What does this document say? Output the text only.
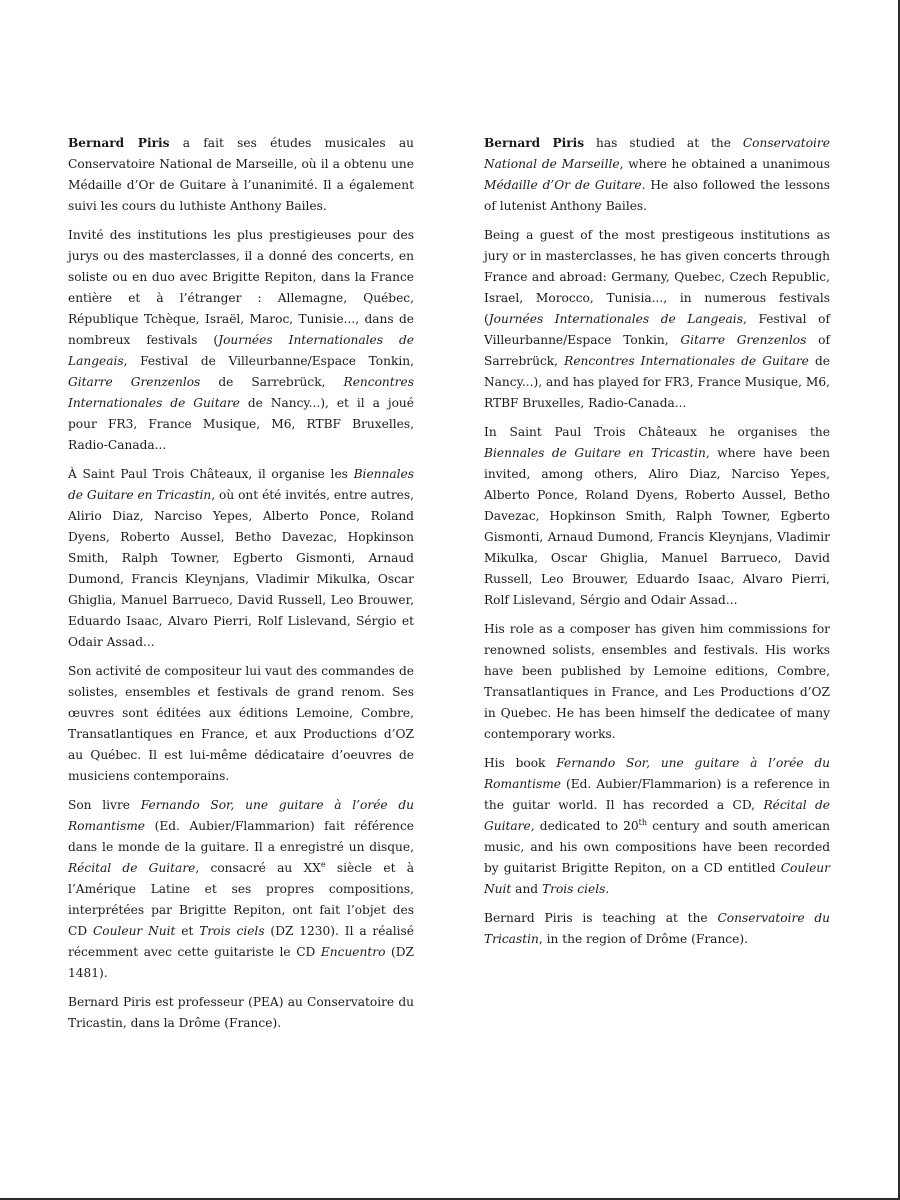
Bernard Piris a fait ses études musicales au Conservatoire National de Marseille, où il a obtenu une Médaille d’Or de Guitare à l’unanimité. Il a également suivi les cours du luthiste Anthony Bailes.

Invité des institutions les plus prestigieuses pour des jurys ou des masterclasses, il a donné des concerts, en soliste ou en duo avec Brigitte Repiton, dans la France entière et à l’étranger : Allemagne, Québec, République Tchèque, Israël, Maroc, Tunisie..., dans de nombreux festivals (Journées Internationales de Langeais, Festival de Villeurbanne/Espace Tonkin, Gitarre Grenzenlos de Sarrebrück, Rencontres Internationales de Guitare de Nancy...), et il a joué pour FR3, France Musique, M6, RTBF Bruxelles, Radio-Canada...

À Saint Paul Trois Châteaux, il organise les Biennales de Guitare en Tricastin, où ont été invités, entre autres, Alirio Diaz, Narciso Yepes, Alberto Ponce, Roland Dyens, Roberto Aussel, Betho Davezac, Hopkinson Smith, Ralph Towner, Egberto Gismonti, Arnaud Dumond, Francis Kleynjans, Vladimir Mikulka, Oscar Ghiglia, Manuel Barrueco, David Russell, Leo Brouwer, Eduardo Isaac, Alvaro Pierri, Rolf Lislevand, Sérgio et Odair Assad...

Son activité de compositeur lui vaut des commandes de solistes, ensembles et festivals de grand renom. Ses œuvres sont éditées aux éditions Lemoine, Combre, Transatlantiques en France, et aux Productions d’OZ au Québec. Il est lui-même dédicataire d’oeuvres de musiciens contemporains.

Son livre Fernando Sor, une guitare à l’orée du Romantisme (Ed. Aubier/Flammarion) fait référence dans le monde de la guitare. Il a enregistré un disque, Récital de Guitare, consacré au XXe siècle et à l’Amérique Latine et ses propres compositions, interprétées par Brigitte Repiton, ont fait l’objet des CD Couleur Nuit et Trois ciels (DZ 1230). Il a réalisé récemment avec cette guitariste le CD Encuentro (DZ 1481).

Bernard Piris est professeur (PEA) au Conservatoire du Tricastin, dans la Drôme (France).

Bernard Piris has studied at the Conservatoire National de Marseille, where he obtained a unanimous Médaille d’Or de Guitare. He also followed the lessons of lutenist Anthony Bailes.

Being a guest of the most prestigeous institutions as jury or in masterclasses, he has given concerts through France and abroad: Germany, Quebec, Czech Republic, Israel, Morocco, Tunisia..., in numerous festivals (Journées Internationales de Langeais, Festival of Villeurbanne/Espace Tonkin, Gitarre Grenzenlos of Sarrebrück, Rencontres Internationales de Guitare de Nancy...), and has played for FR3, France Musique, M6, RTBF Bruxelles, Radio-Canada...

In Saint Paul Trois Châteaux he organises the Biennales de Guitare en Tricastin, where have been invited, among others, Aliro Diaz, Narciso Yepes, Alberto Ponce, Roland Dyens, Roberto Aussel, Betho Davezac, Hopkinson Smith, Ralph Towner, Egberto Gismonti, Arnaud Dumond, Francis Kleynjans, Vladimir Mikulka, Oscar Ghiglia, Manuel Barrueco, David Russell, Leo Brouwer, Eduardo Isaac, Alvaro Pierri, Rolf Lislevand, Sérgio and Odair Assad...

His role as a composer has given him commissions for renowned solists, ensembles and festivals. His works have been published by Lemoine editions, Combre, Transatlantiques in France, and Les Productions d’OZ in Quebec. He has been himself the dedicatee of many contemporary works.

His book Fernando Sor, une guitare à l’orée du Romantisme (Ed. Aubier/Flammarion) is a reference in the guitar world. Il has recorded a CD, Récital de Guitare, dedicated to 20th century and south american music, and his own compositions have been recorded by guitarist Brigitte Repiton, on a CD entitled Couleur Nuit and Trois ciels.

Bernard Piris is teaching at the Conservatoire du Tricastin, in the region of Drôme (France).
